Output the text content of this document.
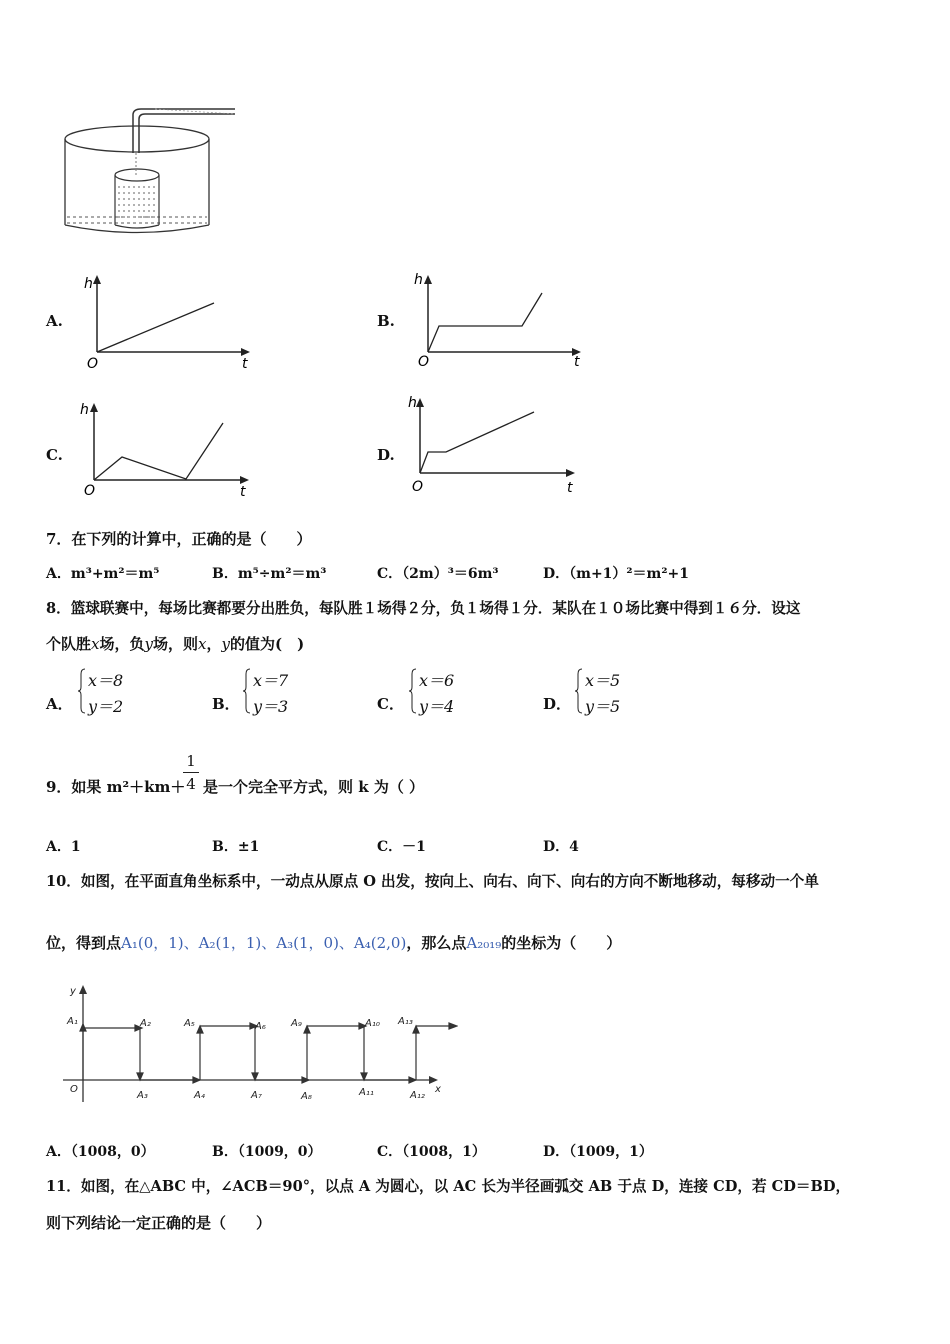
A.
h
O	t
B.
h
O	t
C.
h
O	t
D.
h
O	t
7．在下列的计算中，正确的是（　　）
A．m³+m²＝m⁵	B．m⁵÷m²＝m³	C．（2m）³＝6m³	D．（m+1）²＝m²+1
8．篮球联赛中，每场比赛都要分出胜负，每队胜１场得２分，负１场得１分．某队在１０场比赛中得到１６分．设这
个队胜x场，负y场，则x，y的值为(　)
A．
x＝8
y＝2	B．
x＝7
y＝3	C．
x＝6
y＝4	D．
x＝5
y＝5
9．如果 m²＋km＋
1
4 是一个完全平方式，则 k 为（ ）
A．1	B．±1	C．－1	D．4
10．如图，在平面直角坐标系中，一动点从原点 O 出发，按向上、向右、向下、向右的方向不断地移动，每移动一个单
位，得到点A₁(0，1)、A₂(1，1)、A₃(1，0)、A₄(2,0)，那么点A₂₀₁₉的坐标为（　　）
y
x
O
A₁	A₂	A₅	A₆	A₉	A₁₀ A₁₃
A₃	A₄	A₇	A₈	A₁₁	A₁₂
A．（1008，0）	B．（1009，0）	C．（1008，1）	D．（1009，1）
11．如图，在△ABC 中，∠ACB＝90°，以点 A 为圆心，以 AC 长为半径画弧交 AB 于点 D，连接 CD，若 CD＝BD，
则下列结论一定正确的是（　　）
